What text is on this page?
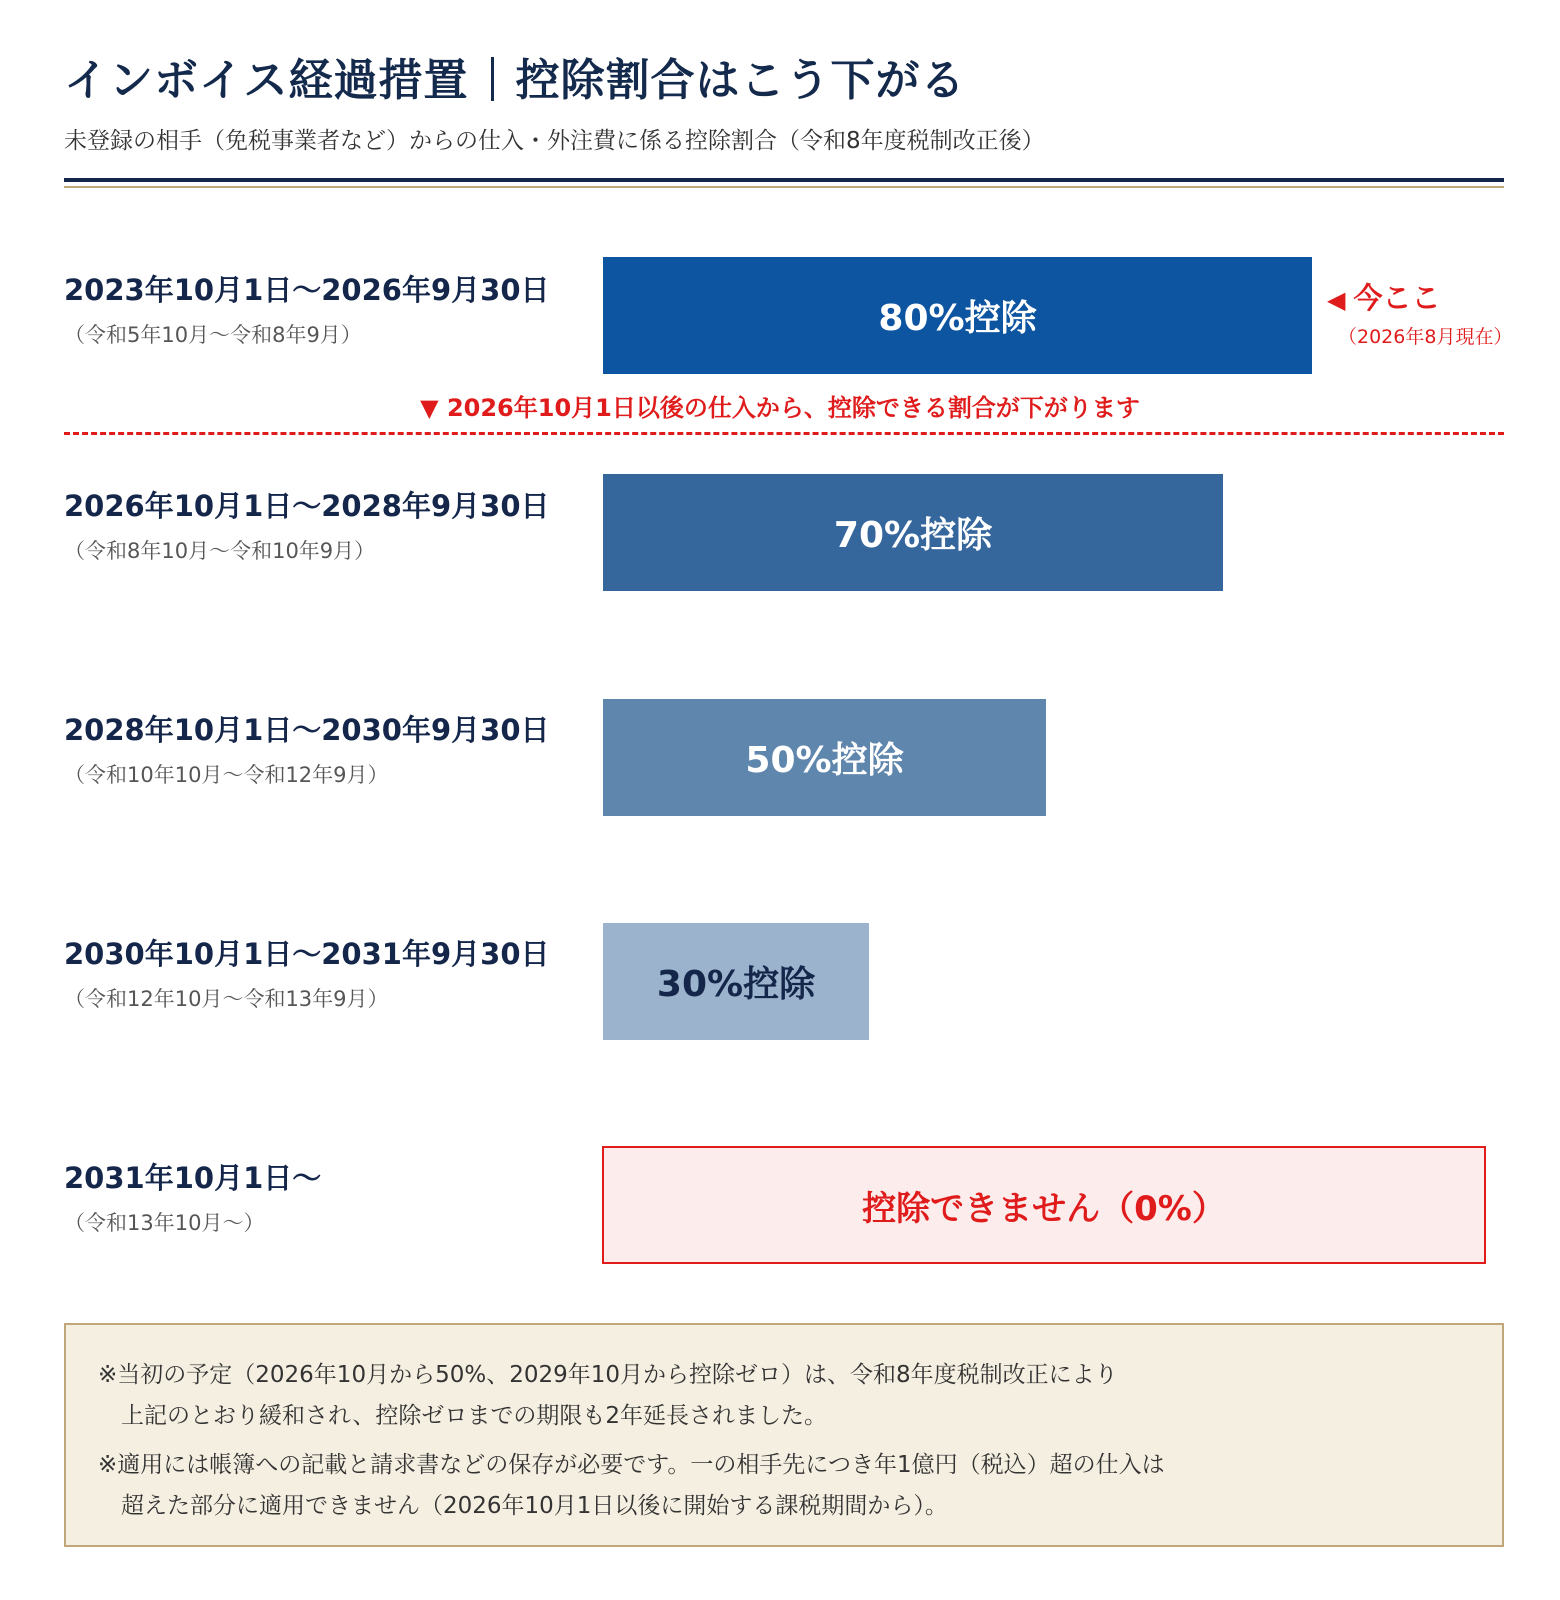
インボイス経過措置 控除割合はこう下がる
未登録の相手（免税事業者など）からの仕入・外注費に係る控除割合（令和8年度税制改正後）
2023年10月1日〜2026年9月30日
（令和5年10月〜令和8年9月）	80%控除	◀ 今ここ
（2026年8月現在）
▼ 2026年10月1日以後の仕入から、控除できる割合が下がります
2026年10月1日〜2028年9月30日
（令和8年10月〜令和10年9月）	70%控除
2028年10月1日〜2030年9月30日
（令和10年10月〜令和12年9月）	50%控除
2030年10月1日〜2031年9月30日
（令和12年10月〜令和13年9月）	30%控除
2031年10月1日〜
（令和13年10月〜）	控除できません（0%）

※当初の予定（2026年10月から50%、2029年10月から控除ゼロ）は、令和8年度税制改正により
　上記のとおり緩和され、控除ゼロまでの期限も2年延長されました。

※適用には帳簿への記載と請求書などの保存が必要です。一の相手先につき年1億円（税込）超の仕入は
　超えた部分に適用できません（2026年10月1日以後に開始する課税期間から）。
